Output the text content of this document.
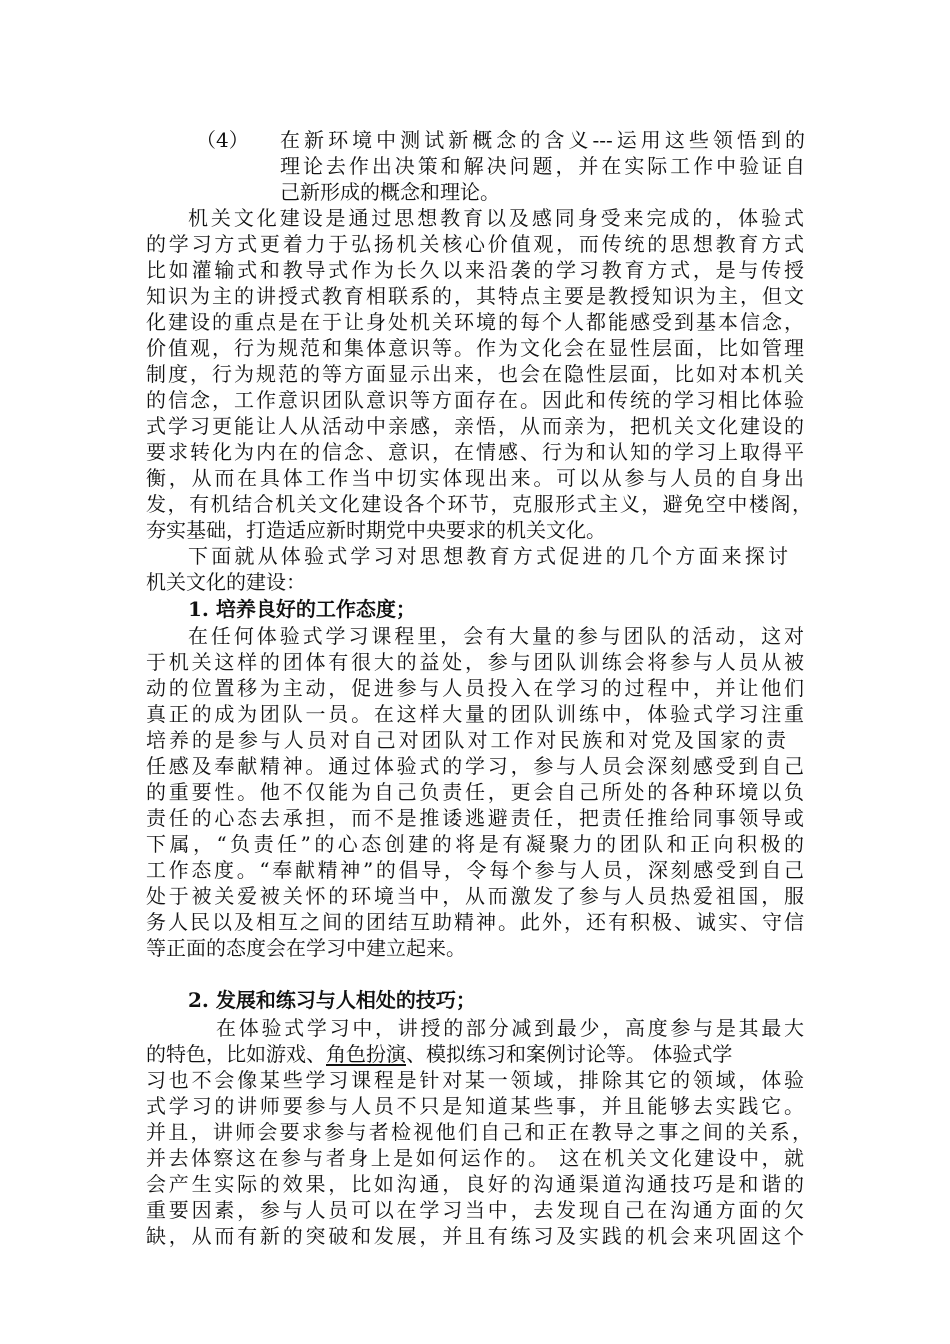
（4） 在新环境中测试新概念的含义---运用这些领悟到的
理论去作出决策和解决问题，并在实际工作中验证自
己新形成的概念和理论。
机关文化建设是通过思想教育以及感同身受来完成的，体验式
的学习方式更着力于弘扬机关核心价值观，而传统的思想教育方式
比如灌输式和教导式作为长久以来沿袭的学习教育方式，是与传授
知识为主的讲授式教育相联系的，其特点主要是教授知识为主，但文
化建设的重点是在于让身处机关环境的每个人都能感受到基本信念，
价值观，行为规范和集体意识等。作为文化会在显性层面，比如管理
制度，行为规范的等方面显示出来，也会在隐性层面，比如对本机关
的信念，工作意识团队意识等方面存在。因此和传统的学习相比体验
式学习更能让人从活动中亲感，亲悟，从而亲为，把机关文化建设的
要求转化为内在的信念、意识，在情感、行为和认知的学习上取得平
衡，从而在具体工作当中切实体现出来。可以从参与人员的自身出
发，有机结合机关文化建设各个环节，克服形式主义，避免空中楼阁，
夯实基础，打造适应新时期党中央要求的机关文化。
下面就从体验式学习对思想教育方式促进的几个方面来探讨
机关文化的建设：
1. 培养良好的工作态度；
在任何体验式学习课程里，会有大量的参与团队的活动，这对
于机关这样的团体有很大的益处，参与团队训练会将参与人员从被
动的位置移为主动，促进参与人员投入在学习的过程中，并让他们
真正的成为团队一员。在这样大量的团队训练中，体验式学习注重
培养的是参与人员对自己对团队对工作对民族和对党及国家的责
任感及奉献精神。通过体验式的学习，参与人员会深刻感受到自己
的重要性。他不仅能为自己负责任，更会自己所处的各种环境以负
责任的心态去承担，而不是推诿逃避责任，把责任推给同事领导或
下属，“负责任”的心态创建的将是有凝聚力的团队和正向积极的
工作态度。“奉献精神”的倡导，令每个参与人员，深刻感受到自己
处于被关爱被关怀的环境当中，从而激发了参与人员热爱祖国，服
务人民以及相互之间的团结互助精神。此外，还有积极、诚实、守信
等正面的态度会在学习中建立起来。
2. 发展和练习与人相处的技巧；
在体验式学习中，讲授的部分减到最少，高度参与是其最大
的特色，比如游戏、角色扮演、模拟练习和案例讨论等。 体验式学
习也不会像某些学习课程是针对某一领域，排除其它的领域，体验
式学习的讲师要参与人员不只是知道某些事，并且能够去实践它。
并且，讲师会要求参与者检视他们自己和正在教导之事之间的关系，
并去体察这在参与者身上是如何运作的。 这在机关文化建设中，就
会产生实际的效果，比如沟通，良好的沟通渠道沟通技巧是和谐的
重要因素，参与人员可以在学习当中，去发现自己在沟通方面的欠
缺，从而有新的突破和发展，并且有练习及实践的机会来巩固这个
